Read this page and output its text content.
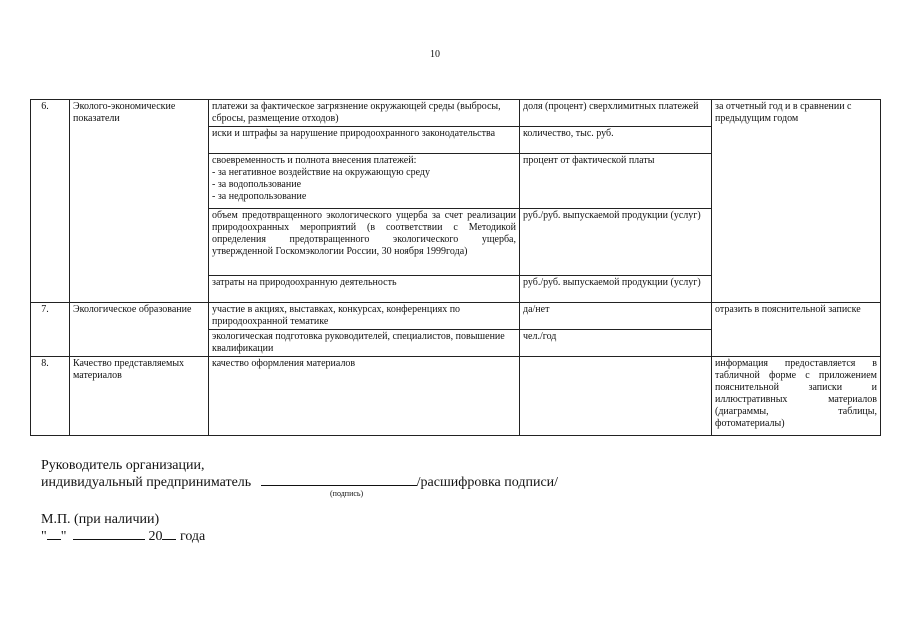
10
6.	Эколого-экономические показатели	платежи за фактическое загрязнение окружающей среды (выбросы, сбросы, размещение отходов)	доля (процент) сверхлимитных платежей	за отчетный год и в сравнении с предыдущим годом
		иски и штрафы за нарушение природоохранного законодательства	количество, тыс. руб.	

		своевременность и полнота внесения платежей:
- за негативное воздействие на окружающую среду
- за водопользование
- за недропользование	процент от фактической платы	
		объем предотвращенного экологического ущерба за счет реализации природоохранных мероприятий (в соответствии с Методикой определения предотвращенного экологического ущерба, утвержденной Госкомэкологии России, 30 ноября 1999года)	руб./руб. выпускаемой продукции (услуг)	
		затраты на природоохранную деятельность	руб./руб. выпускаемой продукции (услуг)	
7.	Экологическое образование	участие в акциях, выставках, конкурсах, конференциях по природоохранной тематике	да/нет	отразить в пояснительной записке
		экологическая подготовка руководителей, специалистов, повышение квалификации	чел./год	
8.	Качество представляемых материалов	качество оформления материалов		информация предоставляется в табличной форме с приложением пояснительной записки и иллюстративных материалов (диаграммы, таблицы, фотоматериалы)
Руководитель организации,
индивидуальный предприниматель	/расшифровка подписи/
(подпись)
М.П. (при наличии)
" "	20 года
